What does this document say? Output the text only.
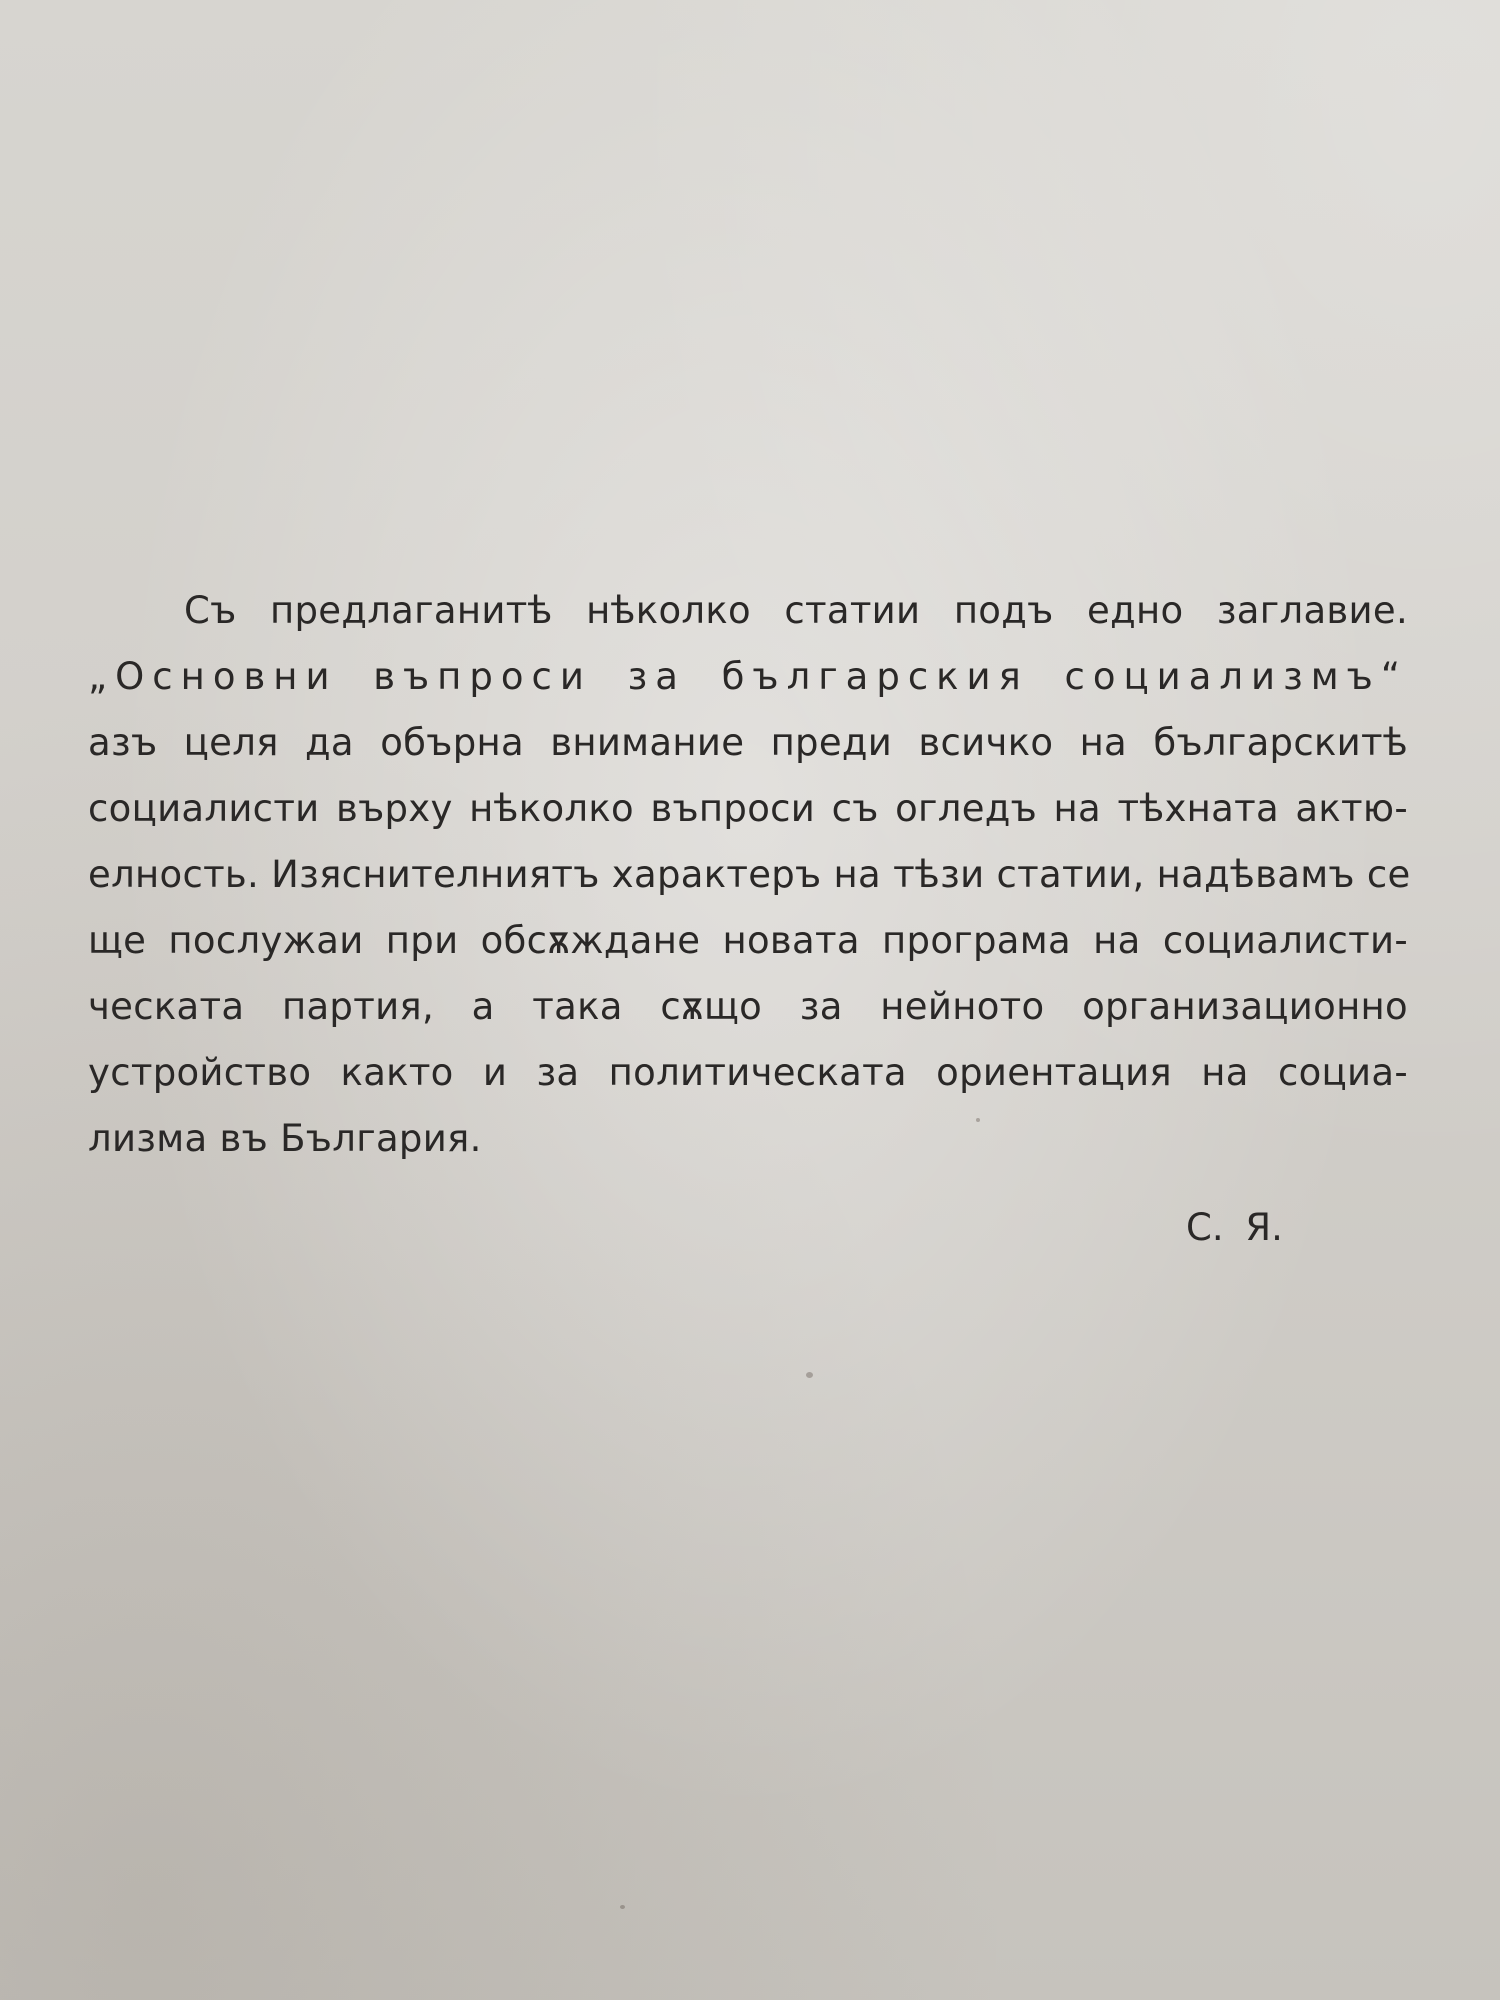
Съ предлаганитѣ нѣколко статии подъ едно заглавие.
„Основни въпроси за българския социализмъ“
азъ целя да обърна внимание преди всичко на българскитѣ
социалисти върху нѣколко въпроси съ огледъ на тѣхната актю-
елность. Изяснителниятъ характеръ на тѣзи статии, надѣвамъ се
ще послужаи при обсѫждане новата програма на социалисти-
ческата партия, а така сѫщо за нейното организационно
устройство както и за политическата ориентация на социа-
лизма въ България.
С. Я.
